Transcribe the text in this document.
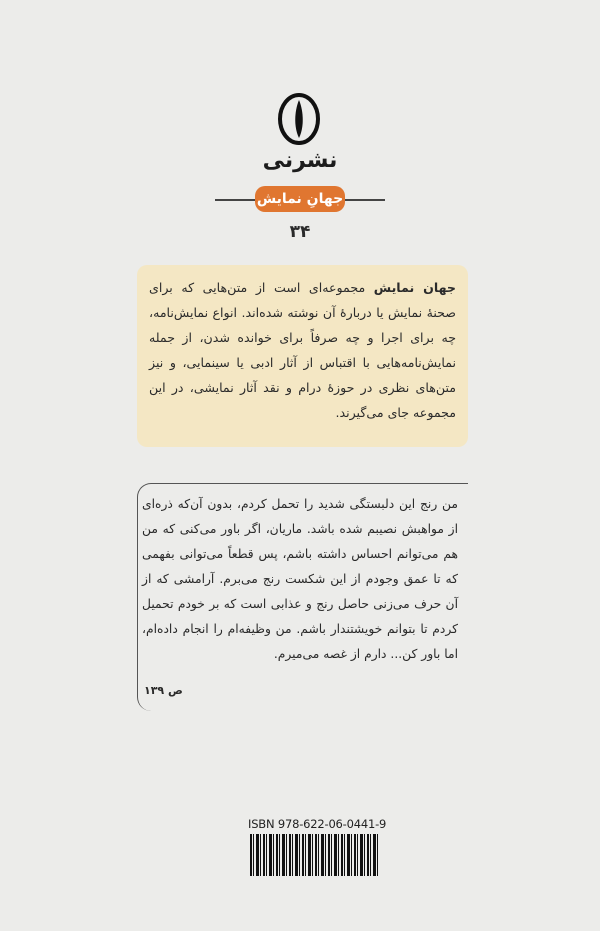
نشرنی
جهانِ نمایش
۳۴
جهان نمایش مجموعه‌ای است از متن‌هایی که برای صحنهٔ نمایش یا دربارهٔ آن نوشته شده‌اند. انواع نمایش‌نامه، چه برای اجرا و چه صرفاً برای خوانده شدن، از جمله نمایش‌نامه‌هایی با اقتباس از آثار ادبی یا سینمایی، و نیز متن‌های نظری در حوزهٔ درام و نقد آثار نمایشی، در این مجموعه جای می‌گیرند.
من رنج این دلبستگی شدید را تحمل کردم، بدون آن‌که ذره‌ای از مواهبش نصیبم شده باشد. ماریان، اگر باور می‌کنی که من هم می‌توانم احساس داشته باشم، پس قطعاً می‌توانی بفهمی که تا عمق وجودم از این شکست رنج می‌برم. آرامشی که از آن حرف می‌زنی حاصل رنج و عذابی است که بر خودم تحمیل کردم تا بتوانم خویشتندار باشم. من وظیفه‌ام را انجام داده‌ام، اما باور کن... دارم از غصه می‌میرم.
ص ۱۳۹
ISBN 978-622-06-0441-9
